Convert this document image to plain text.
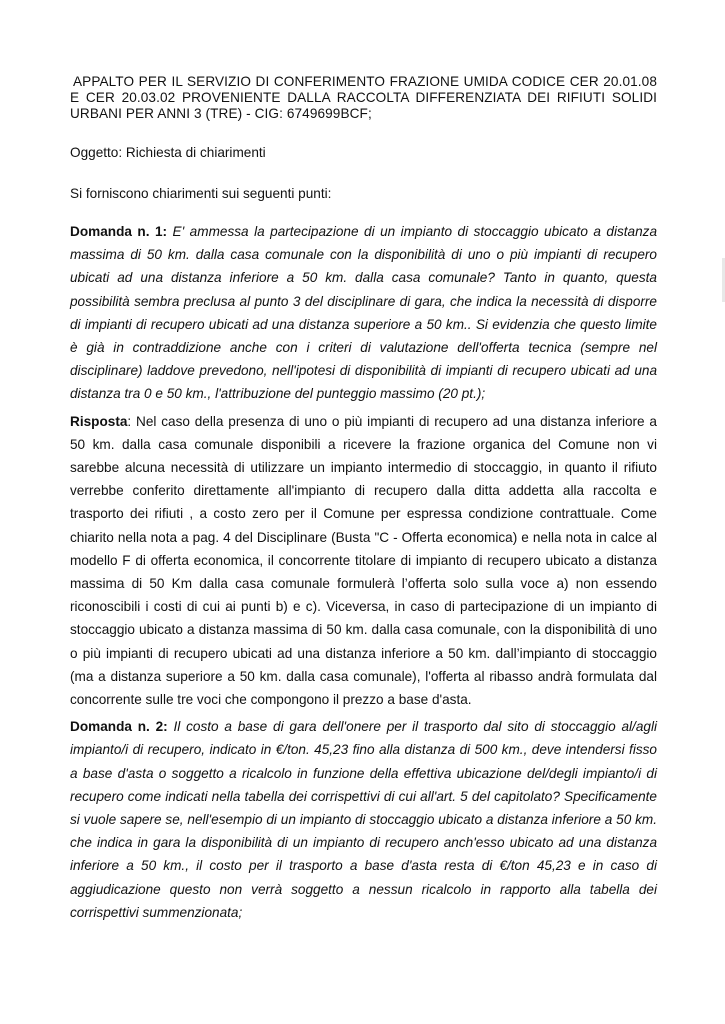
APPALTO PER IL SERVIZIO DI CONFERIMENTO FRAZIONE UMIDA CODICE CER 20.01.08 E CER 20.03.02 PROVENIENTE DALLA RACCOLTA DIFFERENZIATA DEI RIFIUTI SOLIDI URBANI PER ANNI 3 (TRE) - CIG: 6749699BCF;

Oggetto: Richiesta di chiarimenti

Si forniscono chiarimenti sui seguenti punti:

Domanda n. 1: E' ammessa la partecipazione di un impianto di stoccaggio ubicato a distanza massima di 50 km. dalla casa comunale con la disponibilità di uno o più impianti di recupero ubicati ad una distanza inferiore a 50 km. dalla casa comunale? Tanto in quanto, questa possibilità sembra preclusa al punto 3 del disciplinare di gara, che indica la necessità di disporre di impianti di recupero ubicati ad una distanza superiore a 50 km.. Si evidenzia che questo limite è già in contraddizione anche con i criteri di valutazione dell'offerta tecnica (sempre nel disciplinare) laddove prevedono, nell'ipotesi di disponibilità di impianti di recupero ubicati ad una distanza tra 0 e 50 km., l'attribuzione del punteggio massimo (20 pt.);

Risposta: Nel caso della presenza di uno o più impianti di recupero ad una distanza inferiore a 50 km. dalla casa comunale disponibili a ricevere la frazione organica del Comune non vi sarebbe alcuna necessità di utilizzare un impianto intermedio di stoccaggio, in quanto il rifiuto verrebbe conferito direttamente all'impianto di recupero dalla ditta addetta alla raccolta e trasporto dei rifiuti , a costo zero per il Comune per espressa condizione contrattuale. Come chiarito nella nota a pag. 4 del Disciplinare (Busta "C - Offerta economica) e nella nota in calce al modello F di offerta economica, il concorrente titolare di impianto di recupero ubicato a distanza massima di 50 Km dalla casa comunale formulerà l’offerta solo sulla voce a) non essendo riconoscibili i costi di cui ai punti b) e c). Viceversa, in caso di partecipazione di un impianto di stoccaggio ubicato a distanza massima di 50 km. dalla casa comunale, con la disponibilità di uno o più impianti di recupero ubicati ad una distanza inferiore a 50 km. dall’impianto di stoccaggio (ma a distanza superiore a 50 km. dalla casa comunale), l'offerta al ribasso andrà formulata dal concorrente sulle tre voci che compongono il prezzo a base d'asta.

Domanda n. 2: Il costo a base di gara dell'onere per il trasporto dal sito di stoccaggio al/agli impianto/i di recupero, indicato in €/ton. 45,23 fino alla distanza di 500 km., deve intendersi fisso a base d'asta o soggetto a ricalcolo in funzione della effettiva ubicazione del/degli impianto/i di recupero come indicati nella tabella dei corrispettivi di cui all'art. 5 del capitolato? Specificamente si vuole sapere se, nell'esempio di un impianto di stoccaggio ubicato a distanza inferiore a 50 km. che indica in gara la disponibilità di un impianto di recupero anch'esso ubicato ad una distanza inferiore a 50 km., il costo per il trasporto a base d'asta resta di €/ton 45,23 e in caso di aggiudicazione questo non verrà soggetto a nessun ricalcolo in rapporto alla tabella dei corrispettivi summenzionata;
